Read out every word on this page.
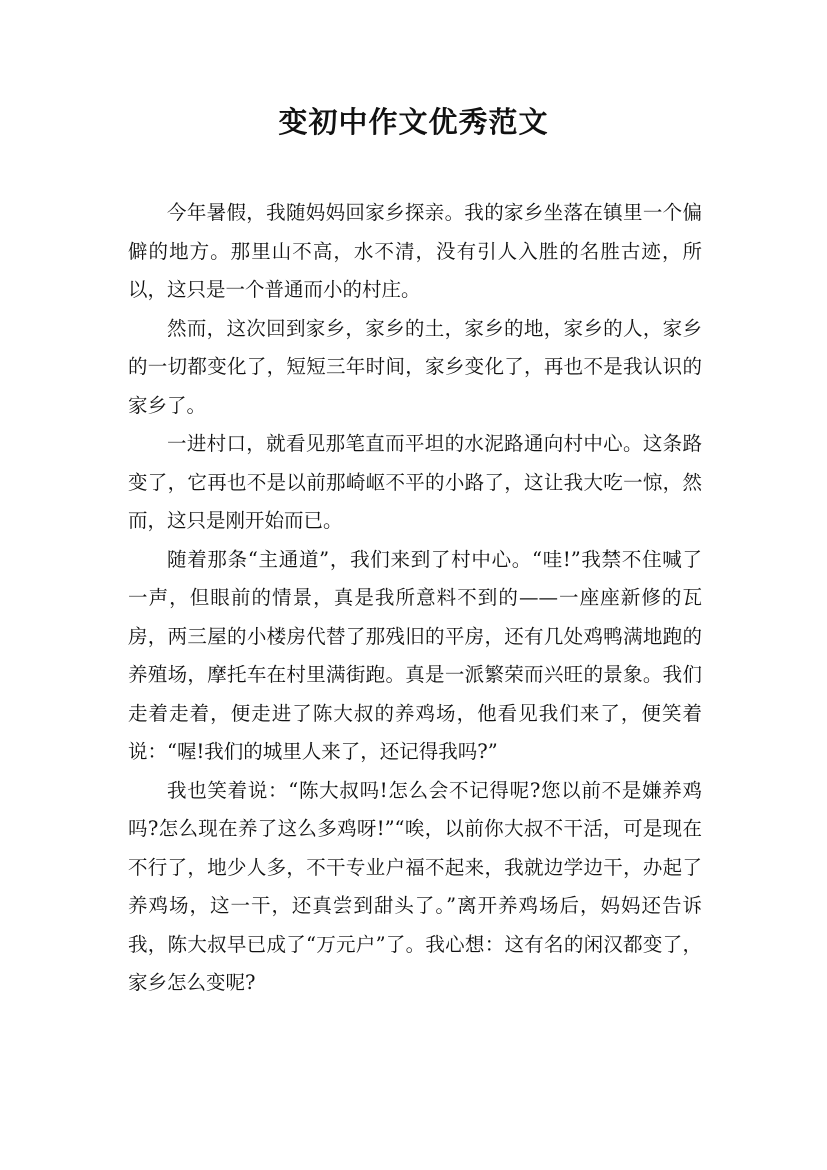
变初中作文优秀范文

今年暑假，我随妈妈回家乡探亲。我的家乡坐落在镇里一个偏僻的地方。那里山不高，水不清，没有引人入胜的名胜古迹，所以，这只是一个普通而小的村庄。

然而，这次回到家乡，家乡的土，家乡的地，家乡的人，家乡的一切都变化了，短短三年时间，家乡变化了，再也不是我认识的家乡了。

一进村口，就看见那笔直而平坦的水泥路通向村中心。这条路变了，它再也不是以前那崎岖不平的小路了，这让我大吃一惊，然而，这只是刚开始而已。

随着那条“主通道”，我们来到了村中心。“哇!”我禁不住喊了一声，但眼前的情景，真是我所意料不到的——一座座新修的瓦房，两三屋的小楼房代替了那残旧的平房，还有几处鸡鸭满地跑的养殖场，摩托车在村里满街跑。真是一派繁荣而兴旺的景象。我们走着走着，便走进了陈大叔的养鸡场，他看见我们来了，便笑着说：“喔!我们的城里人来了，还记得我吗?”

我也笑着说：“陈大叔吗!怎么会不记得呢?您以前不是嫌养鸡吗?怎么现在养了这么多鸡呀!”“唉，以前你大叔不干活，可是现在不行了，地少人多，不干专业户福不起来，我就边学边干，办起了养鸡场，这一干，还真尝到甜头了。”离开养鸡场后，妈妈还告诉我，陈大叔早已成了“万元户”了。我心想：这有名的闲汉都变了，家乡怎么变呢?
